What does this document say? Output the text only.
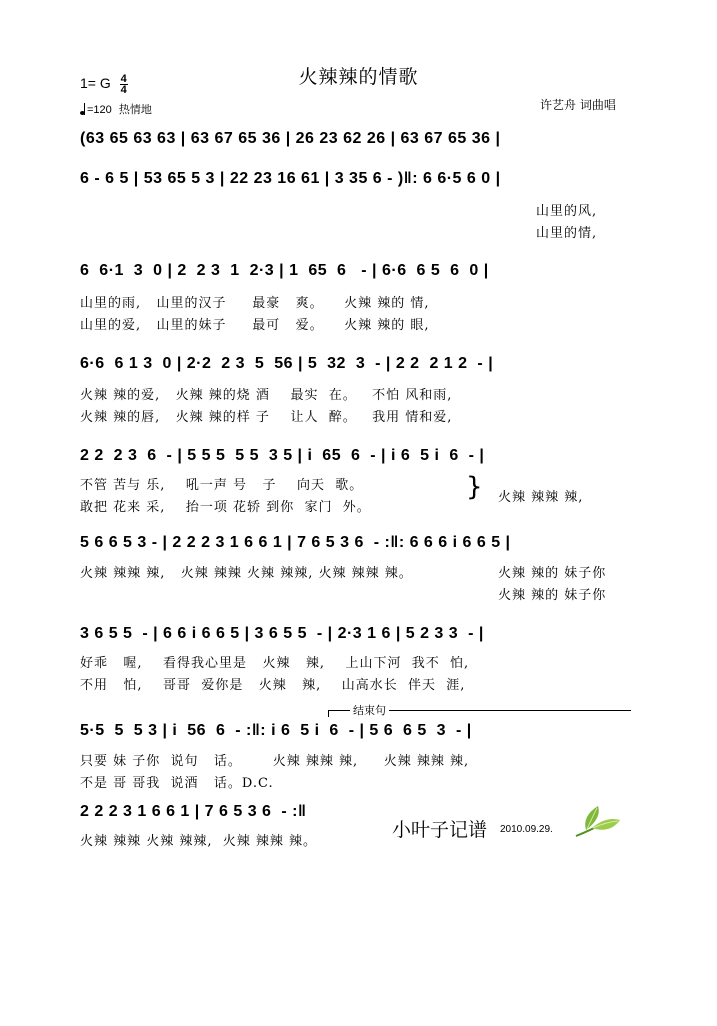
火辣辣的情歌
1= G $\frac{4}{4}$
=120 热情地	许艺舟 词曲唱
(63 65 63 63 | 63 67 65 36 | 26 23 62 26 | 63 67 65 36 |
6 - 6 5 | 53 65 5 3 | 22 23 16 61 | 3 35 6 - )‖: 6 6·5 6 0 |
山里的风,
山里的情,
6  6·1  3  0 | 2  2 3  1  2·3 | 1  65  6   - | 6·6  6 5  6  0 |
山里的雨,   山里的汉子     最豪   爽。    火辣 辣的 情,
山里的爱,   山里的妹子     最可   爱。    火辣 辣的 眼,
6·6  6 1 3  0 | 2·2  2 3  5  56 | 5  32  3  - | 2 2  2 1 2  - |
火辣 辣的爱,   火辣 辣的烧 酒    最实  在。   不怕 风和雨,
火辣 辣的唇,   火辣 辣的样 子    让人  醉。   我用 情和爱,
2 2  2 3  6  - | 5 5 5  5 5  3 5 | i  65  6  - | i 6  5 i  6  - |
不管 苦与 乐,    吼一声 号   子    向天  歌。
敢把 花来 采,    抬一项 花轿 到你  家门  外。
} 火辣 辣辣 辣,
5 6 6 5 3 - | 2 2 2 3 1 6 6 1 | 7 6 5 3 6  - :‖: 6 6 6 i 6 6 5 |
火辣 辣辣 辣,   火辣 辣辣 火辣 辣辣, 火辣 辣辣 辣。	火辣 辣的 妹子你
火辣 辣的 妹子你
3 6 5 5  - | 6 6 i 6 6 5 | 3 6 5 5  - | 2·3 1 6 | 5 2 3 3  - |
好乖   喔,    看得我心里是   火辣   辣,    上山下河  我不  怕,
不用   怕,    哥哥  爱你是   火辣   辣,    山高水长  伴天  涯,
结束句
5·5  5  5 3 | i  56  6  - :‖: i 6  5 i  6  - | 5 6  6 5  3  - |
只要 妹 子你  说句   话。      火辣 辣辣 辣,     火辣 辣辣 辣,
不是 哥 哥我  说酒   话。D.C.
2 2 2 3 1 6 6 1 | 7 6 5 3 6  - :‖
火辣 辣辣 火辣 辣辣,  火辣 辣辣 辣。
小叶子记谱 2010.09.29.
